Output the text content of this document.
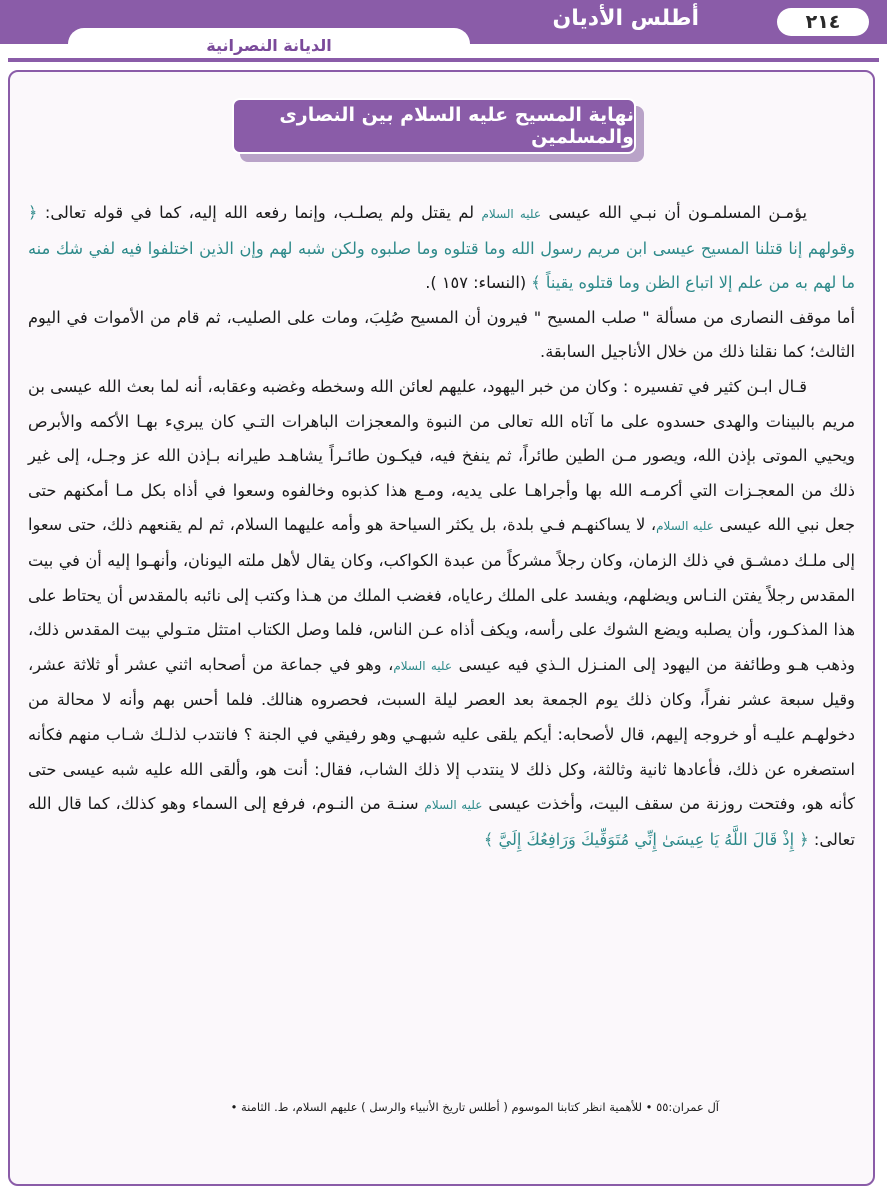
٢١٤
أطلس الأديان
الديانة النصرانية
نهاية المسيح عليه السلام بين النصارى والمسلمين

يؤمـن المسلمـون أن نبـي الله عيسى عليه السلام لم يقتل ولم يصلـب، وإنما رفعه الله إليه، كما في قوله تعالى: ﴿ وقولهم إنا قتلنا المسيح عيسى ابن مريم رسول الله وما قتلوه وما صلبوه ولكن شبه لهم وإن الذين اختلفوا فيه لفي شك منه ما لهم به من علم إلا اتباع الظن وما قتلوه يقيناً ﴾ (النساء: ١٥٧ ).

أما موقف النصارى من مسألة " صلب المسيح " فيرون أن المسيح صُلِبَ، ومات على الصليب، ثم قام من الأموات في اليوم الثالث؛ كما نقلنا ذلك من خلال الأناجيل السابقة.

قـال ابـن كثير في تفسيره : وكان من خبر اليهود، عليهم لعائن الله وسخطه وغضبه وعقابه، أنه لما بعث الله عيسى بن مريم بالبينات والهدى حسدوه على ما آتاه الله تعالى من النبوة والمعجزات الباهرات التـي كان يبريء بهـا الأكمه والأبرص ويحيي الموتى بإذن الله، ويصور مـن الطين طائراً، ثم ينفخ فيه، فيكـون طائـراً يشاهـد طيرانه بـإذن الله عز وجـل، إلى غير ذلك من المعجـزات التي أكرمـه الله بها وأجراهـا على يديه، ومـع هذا كذبوه وخالفوه وسعوا في أذاه بكل مـا أمكنهم حتى جعل نبي الله عيسى عليه السلام، لا يساكنهـم فـي بلدة، بل يكثر السياحة هو وأمه عليهما السلام، ثم لم يقنعهم ذلك، حتى سعوا إلى ملـك دمشـق في ذلك الزمان، وكان رجلاً مشركاً من عبدة الكواكب، وكان يقال لأهل ملته اليونان، وأنهـوا إليه أن في بيت المقدس رجلاً يفتن النـاس ويضلهم، ويفسد على الملك رعاياه، فغضب الملك من هـذا وكتب إلى نائبه بالمقدس أن يحتاط على هذا المذكـور، وأن يصلبه ويضع الشوك على رأسه، ويكف أذاه عـن الناس، فلما وصل الكتاب امتثل متـولي بيت المقدس ذلك، وذهب هـو وطائفة من اليهود إلى المنـزل الـذي فيه عيسى عليه السلام، وهو في جماعة من أصحابه اثني عشر أو ثلاثة عشر، وقيل سبعة عشر نفراً، وكان ذلك يوم الجمعة بعد العصر ليلة السبت، فحصروه هنالك. فلما أحس بهم وأنه لا محالة من دخولهـم عليـه أو خروجه إليهم، قال لأصحابه: أيكم يلقى عليه شبهـي وهو رفيقي في الجنة ؟ فانتدب لذلـك شـاب منهم فكأنه استصغره عن ذلك، فأعادها ثانية وثالثة، وكل ذلك لا ينتدب إلا ذلك الشاب، فقال: أنت هو، وألقى الله عليه شبه عيسى حتى كأنه هو، وفتحت روزنة من سقف البيت، وأخذت عيسى عليه السلام سنـة من النـوم، فرفع إلى السماء وهو كذلك، كما قال الله تعالى: ﴿ إِذْ قَالَ اللَّهُ يَا عِيسَىٰ إِنِّي مُتَوَفِّيكَ وَرَافِعُكَ إِلَيَّ ﴾

آل عمران:٥٥ • للأهمية انظر كتابنا الموسوم ( أطلس تاريخ الأنبياء والرسل ) عليهم السلام، ط. الثامنة •
